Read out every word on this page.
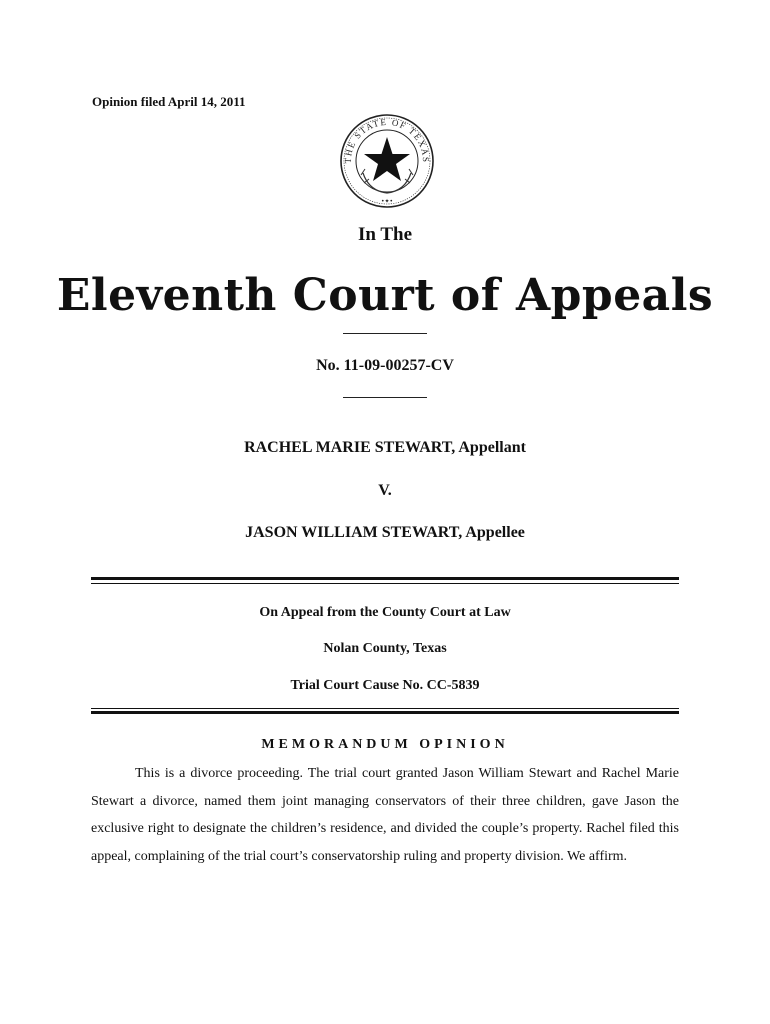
Opinion filed April 14, 2011
THE STATE OF TEXAS
•✦•
In The
Eleventh Court of Appeals
No. 11-09-00257-CV
RACHEL MARIE STEWART, Appellant
V.
JASON WILLIAM STEWART, Appellee
On Appeal from the County Court at Law
Nolan County, Texas
Trial Court Cause No. CC-5839
MEMORANDUM OPINION

This is a divorce proceeding. The trial court granted Jason William Stewart and Rachel Marie Stewart a divorce, named them joint managing conservators of their three children, gave Jason the exclusive right to designate the children’s residence, and divided the couple’s property. Rachel filed this appeal, complaining of the trial court’s conservatorship ruling and property division. We affirm.
